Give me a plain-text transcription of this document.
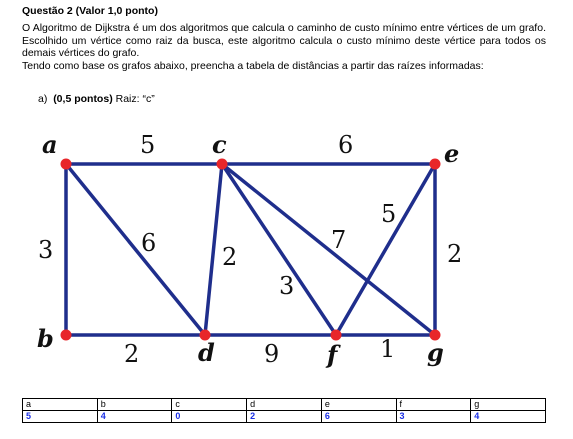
Questão 2 (Valor 1,0 ponto)

O Algoritmo de Dijkstra é um dos algoritmos que calcula o caminho de custo mínimo entre vértices de um grafo. Escolhido um vértice como raiz da busca, este algoritmo calcula o custo mínimo deste vértice para todos os demais vértices do grafo.

Tendo como base os grafos abaixo, preencha a tabela de distâncias a partir das raízes informadas:

a) (0,5 pontos) Raiz: “c”
a	c	e
b	d	f	g
5	6
3	6	2
3
7
5
2
2	9	1
a	b	c	d	e	f	g
5	4	0	2	6	3	4
